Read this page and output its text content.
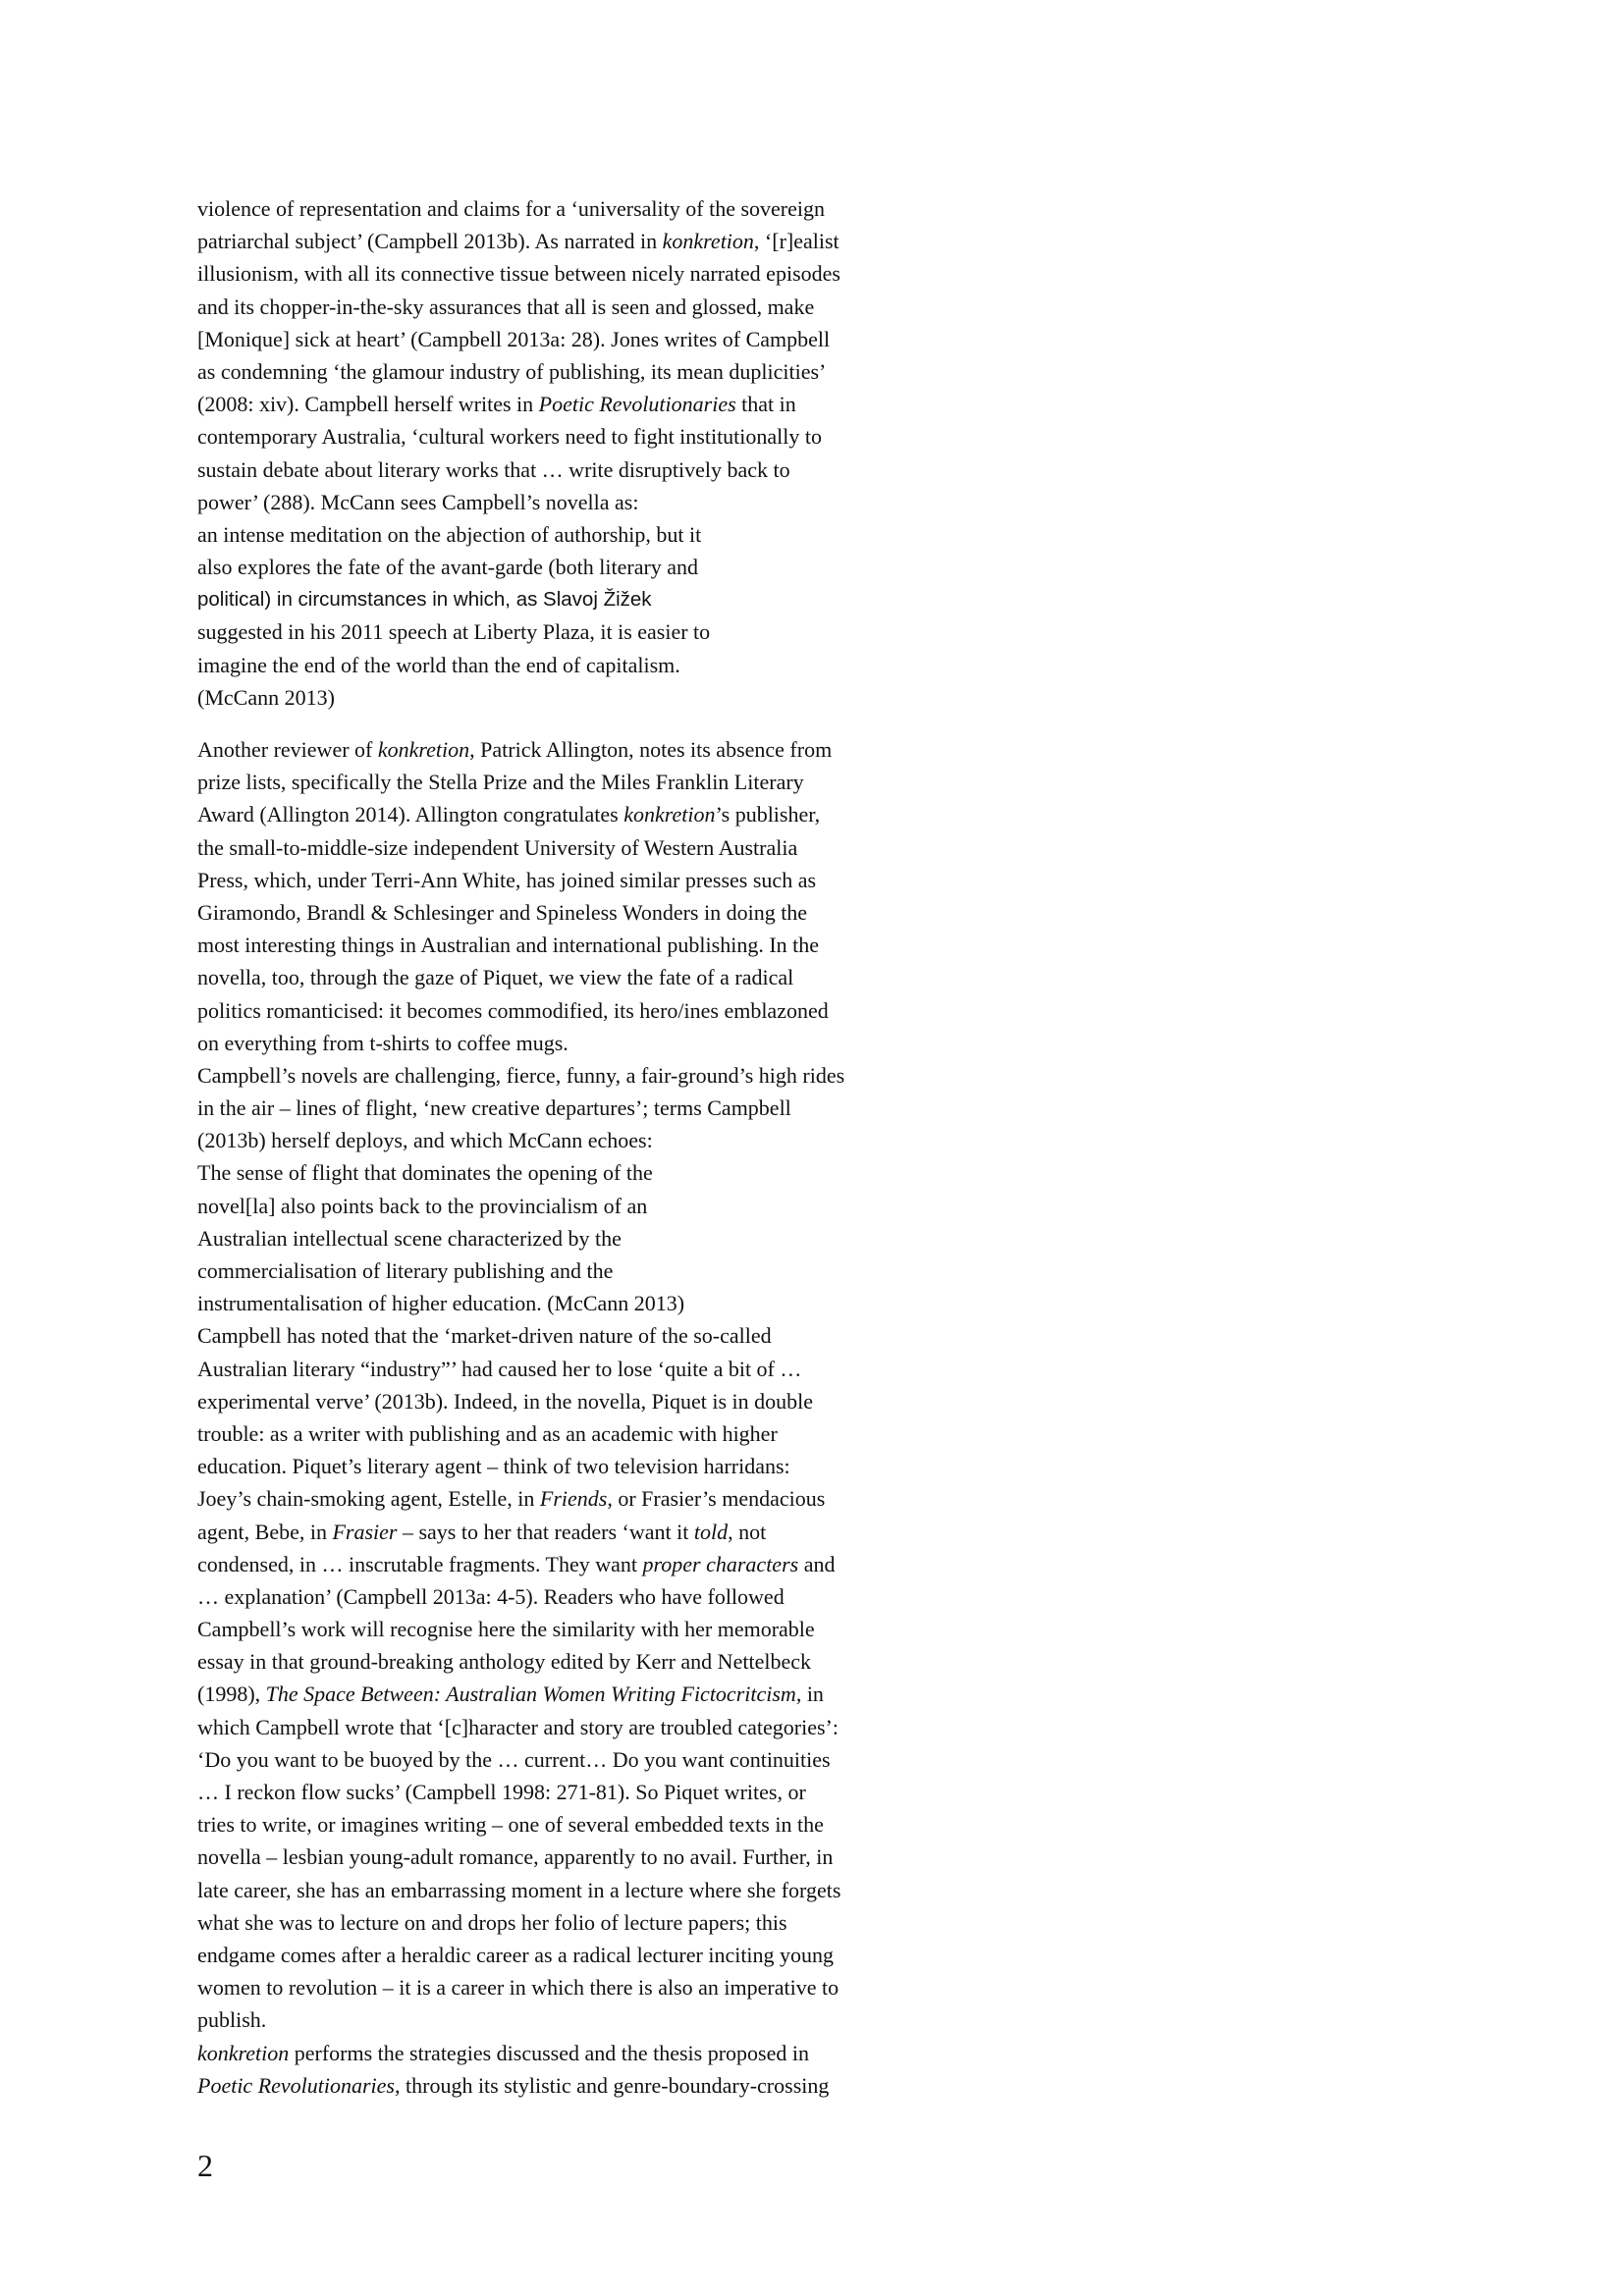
violence of representation and claims for a ‘universality of the sovereign
patriarchal subject’ (Campbell 2013b). As narrated in konkretion, ‘[r]ealist
illusionism, with all its connective tissue between nicely narrated episodes
and its chopper-in-the-sky assurances that all is seen and glossed, make
[Monique] sick at heart’ (Campbell 2013a: 28). Jones writes of Campbell
as condemning ‘the glamour industry of publishing, its mean duplicities’
(2008: xiv). Campbell herself writes in Poetic Revolutionaries that in
contemporary Australia, ‘cultural workers need to fight institutionally to
sustain debate about literary works that … write disruptively back to
power’ (288). McCann sees Campbell’s novella as:
an intense meditation on the abjection of authorship, but it
also explores the fate of the avant-garde (both literary and
political) in circumstances in which, as Slavoj Žižek
suggested in his 2011 speech at Liberty Plaza, it is easier to
imagine the end of the world than the end of capitalism.
(McCann 2013)
Another reviewer of konkretion, Patrick Allington, notes its absence from
prize lists, specifically the Stella Prize and the Miles Franklin Literary
Award (Allington 2014). Allington congratulates konkretion’s publisher,
the small-to-middle-size independent University of Western Australia
Press, which, under Terri-Ann White, has joined similar presses such as
Giramondo, Brandl & Schlesinger and Spineless Wonders in doing the
most interesting things in Australian and international publishing. In the
novella, too, through the gaze of Piquet, we view the fate of a radical
politics romanticised: it becomes commodified, its hero/ines emblazoned
on everything from t-shirts to coffee mugs.
Campbell’s novels are challenging, fierce, funny, a fair-ground’s high rides
in the air – lines of flight, ‘new creative departures’; terms Campbell
(2013b) herself deploys, and which McCann echoes:
The sense of flight that dominates the opening of the
novel[la] also points back to the provincialism of an
Australian intellectual scene characterized by the
commercialisation of literary publishing and the
instrumentalisation of higher education. (McCann 2013)
Campbell has noted that the ‘market-driven nature of the so-called
Australian literary “industry”’ had caused her to lose ‘quite a bit of …
experimental verve’ (2013b). Indeed, in the novella, Piquet is in double
trouble: as a writer with publishing and as an academic with higher
education. Piquet’s literary agent – think of two television harridans:
Joey’s chain-smoking agent, Estelle, in Friends, or Frasier’s mendacious
agent, Bebe, in Frasier – says to her that readers ‘want it told, not
condensed, in … inscrutable fragments. They want proper characters and
… explanation’ (Campbell 2013a: 4-5). Readers who have followed
Campbell’s work will recognise here the similarity with her memorable
essay in that ground-breaking anthology edited by Kerr and Nettelbeck
(1998), The Space Between: Australian Women Writing Fictocritcism, in
which Campbell wrote that ‘[c]haracter and story are troubled categories’:
‘Do you want to be buoyed by the … current… Do you want continuities
… I reckon flow sucks’ (Campbell 1998: 271-81). So Piquet writes, or
tries to write, or imagines writing – one of several embedded texts in the
novella – lesbian young-adult romance, apparently to no avail. Further, in
late career, she has an embarrassing moment in a lecture where she forgets
what she was to lecture on and drops her folio of lecture papers; this
endgame comes after a heraldic career as a radical lecturer inciting young
women to revolution – it is a career in which there is also an imperative to
publish.
konkretion performs the strategies discussed and the thesis proposed in
Poetic Revolutionaries, through its stylistic and genre-boundary-crossing
2
